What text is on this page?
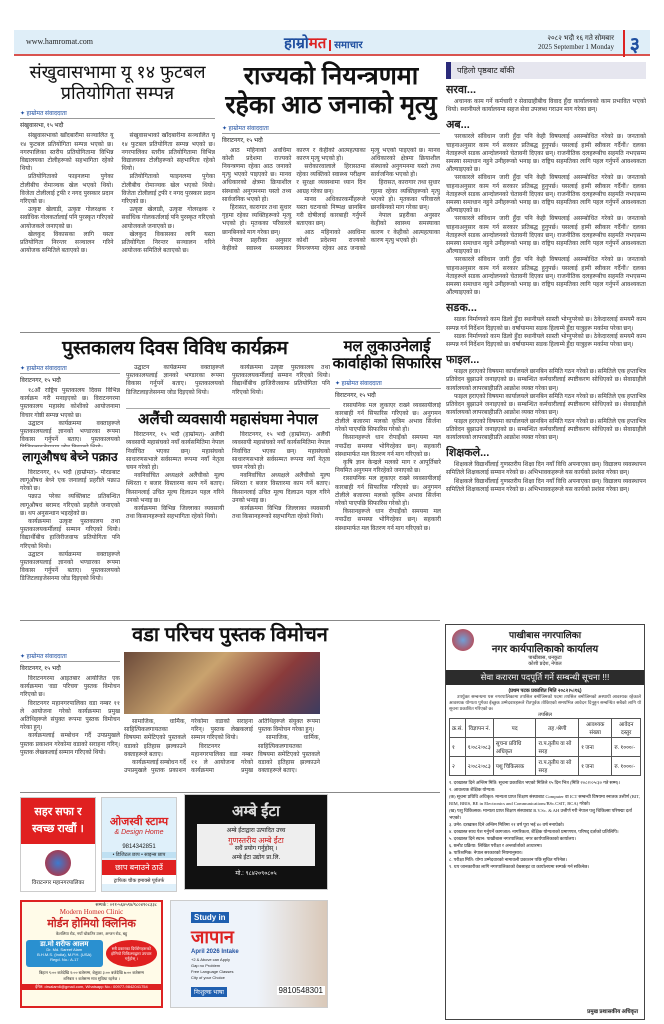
www.hamromat.com	हाम्रोमत समाचार
२०८२ भदौ १६ गते सोमबार
2025 September 1 Monday ३
संखुवासभामा यू १४ फुटबल प्रतियोगिता सम्पन्न
✦ हाम्रोमत संवाददाता
संखुवासभा, १५ भदौ

संखुवासभाको खाँदबारीमा सञ्चालित यू १४ फुटबल प्रतियोगिता सम्पन्न भएको छ। नगरपालिका स्तरीय प्रतियोगितामा विभिन्न विद्यालयका टोलीहरूको सहभागिता रहेको थियो।

प्रतियोगिताको फाइनलमा पुगेका टोलीबीच रोमाञ्चक खेल भएको थियो। विजेता टोलीलाई ट्रफी र नगद पुरस्कार प्रदान गरिएको छ।

उत्कृष्ट खेलाडी, उत्कृष्ट गोलरक्षक र सर्वाधिक गोलकर्तालाई पनि पुरस्कृत गरिएको आयोजकले जनाएको छ।

खेलकुद विकासका लागि यस्ता प्रतियोगिता निरन्तर सञ्चालन गरिने आयोजक समितिले बताएको छ।

संखुवासभाको खाँदबारीमा सञ्चालित यू १४ फुटबल प्रतियोगिता सम्पन्न भएको छ। नगरपालिका स्तरीय प्रतियोगितामा विभिन्न विद्यालयका टोलीहरूको सहभागिता रहेको थियो।

प्रतियोगिताको फाइनलमा पुगेका टोलीबीच रोमाञ्चक खेल भएको थियो। विजेता टोलीलाई ट्रफी र नगद पुरस्कार प्रदान गरिएको छ।

उत्कृष्ट खेलाडी, उत्कृष्ट गोलरक्षक र सर्वाधिक गोलकर्तालाई पनि पुरस्कृत गरिएको आयोजकले जनाएको छ।

खेलकुद विकासका लागि यस्ता प्रतियोगिता निरन्तर सञ्चालन गरिने आयोजक समितिले बताएको छ।

राज्यको नियन्त्रणमा रहेका आठ जनाको मृत्यु
✦ हाम्रोमत संवाददाता
विराटनगर, १५ भदौ

आठ महिनाको अवधिमा कोशी प्रदेशमा राज्यको नियन्त्रणमा रहेका आठ जनाको मृत्यु भएको पाइएको छ। मानव अधिकारको क्षेत्रमा क्रियाशील संस्थाको अनुगमनमा यस्तो तथ्य सार्वजनिक भएको हो।

हिरासत, कारागार तथा सुधार गृहमा रहेका व्यक्तिहरूको मृत्यु भएको हो। मृतकका परिवारले छानबिनको माग गरेका छन्।

नेपाल प्रहरीका अनुसार केहीको स्वास्थ्य समस्याका कारण र केहीको आत्महत्याका कारण मृत्यु भएको हो।

सरोकारवालाले हिरासतमा रहेका व्यक्तिको स्वास्थ्य परीक्षण र सुरक्षा व्यवस्थामा ध्यान दिन आग्रह गरेका छन्।

मानव अधिकारकर्मीहरूले यस्ता घटनाको निष्पक्ष छानबिन गरी दोषीलाई कारबाही गर्नुपर्ने बताएका छन्।

आठ महिनाको अवधिमा कोशी प्रदेशमा राज्यको नियन्त्रणमा रहेका आठ जनाको मृत्यु भएको पाइएको छ। मानव अधिकारको क्षेत्रमा क्रियाशील संस्थाको अनुगमनमा यस्तो तथ्य सार्वजनिक भएको हो।

हिरासत, कारागार तथा सुधार गृहमा रहेका व्यक्तिहरूको मृत्यु भएको हो। मृतकका परिवारले छानबिनको माग गरेका छन्।

नेपाल प्रहरीका अनुसार केहीको स्वास्थ्य समस्याका कारण र केहीको आत्महत्याका कारण मृत्यु भएको हो।

पहिलो पृष्ठबाट बाँकी
सरवा...

अचानक काम गर्ने कर्मचारी र सेवाग्राहीबीच विवाद हुँदा कार्यालयको काम प्रभावित भएको थियो। स्थानीयले कार्यालयमा सहज सेवा उपलब्ध गराउन माग गरेका छन्।

अब...

'सरकारले संविधान जारी हुँदा पनि केही विषयलाई असम्बोधित गरेको छ। जनताको चाहनाअनुसार काम गर्न सरकार प्रतिबद्ध हुनुपर्छ। यसलाई हामी स्वीकार गर्दैनौं।' दलका नेताहरूले सडक आन्दोलनको चेतावनी दिएका छन्। राजनीतिक दलहरूबीच सहमति नभएसम्म समस्या समाधान नहुने उनीहरूको भनाइ छ। राष्ट्रिय सहमतिका लागि पहल गर्नुपर्ने आवश्यकता औंल्याइएको छ।

'सरकारले संविधान जारी हुँदा पनि केही विषयलाई असम्बोधित गरेको छ। जनताको चाहनाअनुसार काम गर्न सरकार प्रतिबद्ध हुनुपर्छ। यसलाई हामी स्वीकार गर्दैनौं।' दलका नेताहरूले सडक आन्दोलनको चेतावनी दिएका छन्। राजनीतिक दलहरूबीच सहमति नभएसम्म समस्या समाधान नहुने उनीहरूको भनाइ छ। राष्ट्रिय सहमतिका लागि पहल गर्नुपर्ने आवश्यकता औंल्याइएको छ।

'सरकारले संविधान जारी हुँदा पनि केही विषयलाई असम्बोधित गरेको छ। जनताको चाहनाअनुसार काम गर्न सरकार प्रतिबद्ध हुनुपर्छ। यसलाई हामी स्वीकार गर्दैनौं।' दलका नेताहरूले सडक आन्दोलनको चेतावनी दिएका छन्। राजनीतिक दलहरूबीच सहमति नभएसम्म समस्या समाधान नहुने उनीहरूको भनाइ छ। राष्ट्रिय सहमतिका लागि पहल गर्नुपर्ने आवश्यकता औंल्याइएको छ।

'सरकारले संविधान जारी हुँदा पनि केही विषयलाई असम्बोधित गरेको छ। जनताको चाहनाअनुसार काम गर्न सरकार प्रतिबद्ध हुनुपर्छ। यसलाई हामी स्वीकार गर्दैनौं।' दलका नेताहरूले सडक आन्दोलनको चेतावनी दिएका छन्। राजनीतिक दलहरूबीच सहमति नभएसम्म समस्या समाधान नहुने उनीहरूको भनाइ छ। राष्ट्रिय सहमतिका लागि पहल गर्नुपर्ने आवश्यकता औंल्याइएको छ।

सडक...

सडक निर्माणको काम ढिलो हुँदा स्थानीयले सास्ती भोग्नुपरेको छ। ठेकेदारलाई समयमै काम सम्पन्न गर्न निर्देशन दिइएको छ। वर्षायाममा सडक हिलाम्मे हुँदा यात्रुहरू मर्कामा परेका छन्।

सडक निर्माणको काम ढिलो हुँदा स्थानीयले सास्ती भोग्नुपरेको छ। ठेकेदारलाई समयमै काम सम्पन्न गर्न निर्देशन दिइएको छ। वर्षायाममा सडक हिलाम्मे हुँदा यात्रुहरू मर्कामा परेका छन्।

फाइल...

फाइल हराएको विषयमा कार्यालयले छानबिन समिति गठन गरेको छ। समितिले एक हप्ताभित्र प्रतिवेदन बुझाउने जनाइएको छ। सम्बन्धित कर्मचारीलाई स्पष्टीकरण सोधिएको छ। सेवाग्राहीले कार्यालयको लापरबाहीप्रति आक्रोश व्यक्त गरेका छन्।

फाइल हराएको विषयमा कार्यालयले छानबिन समिति गठन गरेको छ। समितिले एक हप्ताभित्र प्रतिवेदन बुझाउने जनाइएको छ। सम्बन्धित कर्मचारीलाई स्पष्टीकरण सोधिएको छ। सेवाग्राहीले कार्यालयको लापरबाहीप्रति आक्रोश व्यक्त गरेका छन्।

फाइल हराएको विषयमा कार्यालयले छानबिन समिति गठन गरेको छ। समितिले एक हप्ताभित्र प्रतिवेदन बुझाउने जनाइएको छ। सम्बन्धित कर्मचारीलाई स्पष्टीकरण सोधिएको छ। सेवाग्राहीले कार्यालयको लापरबाहीप्रति आक्रोश व्यक्त गरेका छन्।

शिक्षकले...

शिक्षकले विद्यार्थीलाई गुणस्तरीय शिक्षा दिन नयाँ विधि अपनाएका छन्। विद्यालय व्यवस्थापन समितिले शिक्षकलाई सम्मान गरेको छ। अभिभावकहरूले यस कार्यको प्रशंसा गरेका छन्।

शिक्षकले विद्यार्थीलाई गुणस्तरीय शिक्षा दिन नयाँ विधि अपनाएका छन्। विद्यालय व्यवस्थापन समितिले शिक्षकलाई सम्मान गरेको छ। अभिभावकहरूले यस कार्यको प्रशंसा गरेका छन्।

पुस्तकालय दिवस विविध कार्यक्रम
✦ हाम्रोमत संवाददाता
विराटनगर, १५ भदौ

१८औं राष्ट्रिय पुस्तकालय दिवस विभिन्न कार्यक्रम गरी मनाइएको छ। विराटनगरमा पुस्तकालय महासंघ कोशीको आयोजनामा विचार गोष्ठी सम्पन्न भएको छ।

उद्घाटन कार्यक्रममा वक्ताहरूले पुस्तकालयलाई ज्ञानको भण्डारका रूपमा विकास गर्नुपर्ने बताए। पुस्तकालयको

लागूऔषध बेच्ने पक्राउ

विराटनगर, १५ भदौ (हाम्रोमत)- मोरङबाट लागूऔषध बेच्ने एक जनालाई प्रहरीले पक्राउ गरेको छ।

पक्राउ परेका व्यक्तिबाट प्रतिबन्धित लागूऔषध बरामद गरिएको प्रहरीले जनाएको छ। थप अनुसन्धान भइरहेको छ।

कार्यक्रममा उत्कृष्ट पुस्तकालय तथा पुस्तकालयकर्मीलाई सम्मान गरिएको थियो। विद्यार्थीबीच हाजिरीजवाफ प्रतियोगिता पनि गरिएको थियो।

उद्घाटन कार्यक्रममा वक्ताहरूले पुस्तकालयलाई ज्ञानको भण्डारका रूपमा विकास गर्नुपर्ने बताए। पुस्तकालयको डिजिटलाइजेसनमा जोड दिइएको थियो।

उद्घाटन कार्यक्रममा वक्ताहरूले पुस्तकालयलाई ज्ञानको भण्डारका रूपमा विकास गर्नुपर्ने बताए। पुस्तकालयको डिजिटलाइजेसनमा जोड दिइएको थियो।

कार्यक्रममा उत्कृष्ट पुस्तकालय तथा पुस्तकालयकर्मीलाई सम्मान गरिएको थियो। विद्यार्थीबीच हाजिरीजवाफ प्रतियोगिता पनि गरिएको थियो।

अलैंची व्यवसायी महासंघमा नेपाल

विराटनगर, १५ भदौ (हाम्रोमत)- अलैंची व्यवसायी महासंघको नयाँ कार्यसमितिमा नेपाल निर्वाचित भएका छन्। महासंघको साधारणसभाले सर्वसम्मत रूपमा नयाँ नेतृत्व चयन गरेको हो।

नवनिर्वाचित अध्यक्षले अलैंचीको मूल्य स्थिरता र बजार विस्तारमा काम गर्ने बताए। किसानलाई उचित मूल्य दिलाउन पहल गरिने उनको भनाइ छ।

कार्यक्रममा विभिन्न जिल्लाका व्यवसायी तथा किसानहरूको सहभागिता रहेको थियो।

विराटनगर, १५ भदौ (हाम्रोमत)- अलैंची व्यवसायी महासंघको नयाँ कार्यसमितिमा नेपाल निर्वाचित भएका छन्। महासंघको साधारणसभाले सर्वसम्मत रूपमा नयाँ नेतृत्व चयन गरेको हो।

नवनिर्वाचित अध्यक्षले अलैंचीको मूल्य स्थिरता र बजार विस्तारमा काम गर्ने बताए। किसानलाई उचित मूल्य दिलाउन पहल गरिने उनको भनाइ छ।

कार्यक्रममा विभिन्न जिल्लाका व्यवसायी तथा किसानहरूको सहभागिता रहेको थियो।

मल लुकाउनेलाई कार्वाहीको सिफारिस
✦ हाम्रोमत संवाददाता
विराटनगर, १५ भदौ

रासायनिक मल लुकाएर राख्ने व्यवसायीलाई कारबाही गर्न सिफारिस गरिएको छ। अनुगमन टोलीले बजारमा मलको कृत्रिम अभाव सिर्जना गरेको पाएपछि सिफारिस गरेको हो।

किसानहरूले धान रोपाइँको समयमा मल नपाउँदा समस्या भोगिरहेका छन्। सहकारी संस्थामार्फत मल वितरण गर्न माग गरिएको छ।

कृषि ज्ञान केन्द्रले मलको माग र आपूर्तिबारे नियमित अनुगमन गरिरहेको जनाएको छ।

रासायनिक मल लुकाएर राख्ने व्यवसायीलाई कारबाही गर्न सिफारिस गरिएको छ। अनुगमन टोलीले बजारमा मलको कृत्रिम अभाव सिर्जना गरेको पाएपछि सिफारिस गरेको हो।

किसानहरूले धान रोपाइँको समयमा मल नपाउँदा समस्या भोगिरहेका छन्। सहकारी संस्थामार्फत मल वितरण गर्न माग गरिएको छ।

वडा परिचय पुस्तक विमोचन
✦ हाम्रोमत संवाददाता
विराटनगर, १५ भदौ

विराटनगरमा आइतबार आयोजित एक कार्यक्रममा 'वडा परिचय' पुस्तक विमोचन गरिएको छ।

विराटनगर महानगरपालिका वडा नम्बर ११ ले आयोजना गरेको कार्यक्रममा प्रमुख अतिथिहरूले संयुक्त रूपमा पुस्तक विमोचन गरेका हुन्।

कार्यक्रमलाई सम्बोधन गर्दै उपप्रमुखले पुस्तक प्रकाशन गरेकोमा वडाको सराहना गरिन्। पुस्तक लेखकलाई सम्मान गरिएको थियो।

सामाजिक, धार्मिक, साहित्यिकलगायतका विषयमा समेटिएको पुस्तकले वडाको इतिहास झल्काउने वक्ताहरूले बताए।

कार्यक्रमलाई सम्बोधन गर्दै उपप्रमुखले पुस्तक प्रकाशन गरेकोमा वडाको सराहना गरिन्। पुस्तक लेखकलाई सम्मान गरिएको थियो।

विराटनगर महानगरपालिका वडा नम्बर ११ ले आयोजना गरेको कार्यक्रममा प्रमुख अतिथिहरूले संयुक्त रूपमा पुस्तक विमोचन गरेका हुन्।

सामाजिक, धार्मिक, साहित्यिकलगायतका विषयमा समेटिएको पुस्तकले वडाको इतिहास झल्काउने वक्ताहरूले बताए।

सहर सफा र
स्वच्छ राखौं ।
विराटनगर महानगरपालिका
ओजस्वी स्टाम्प
& Design Home
9814342851
• डिजिटल छाप • साइन्स छाप
छाप बनाउने ठाउँ
ट्राफिक चौक इमाक्से पूर्वतर्फ
अम्बे ईंटा
अम्बे ईंटाद्वारा उत्पादित उच्च
गुणस्तरीय अम्बे ईंटा
सधैं प्रयोग गर्नुहोस् ।
अम्बे ईंटा उद्योग प्रा.लि.
मो.: ९८४२०९०८०५
सम्पर्क : ०२१-५६४५९४/९८०४९०८३३८
Modern Homeo Clinic
मोर्डन होमियो क्लिनिक
केशलिया रोड, नयाँ चोकतिर उत्तर, अन्जन रोड, बहु
डा.मो शरीफ आलम
Dr. Md. Sareef Alam
B.H.M.S. (India), M.P.H. (USA)
Regd. No.: A-17
सबै प्रकारका दिर्घरोगहरूको होमियो चिकित्साद्वारा उपचार गर्नुहोस् ।
बिहान ९:०० बजेदेखि १:०० बजेसम्म, बेलुका ३:०० बजेदेखि ७:०० बजेसम्म
शनिबार २ बजेसम्म मात्र सुविधा रहनेछ ।
ईमेल: drsalam6@gmail.com, Whatsapp No.: 00977-9842041754
Study in
जापान
April 2026 Intake
+2 & Above can Apply
Gap no Problem
Free Language Classes
City of your Choice
निःशुल्क भाषा	9810548301
पाखीबास नगरपालिका
नगर कार्यपालिकाको कार्यालय
पाखीबास, धनकुटा
कोशी प्रदेश, नेपाल
सेवा करारमा पदपूर्ति गर्ने सम्बन्धी सूचना !!!
(प्रथम पटक प्रकाशित मिति २०८२।५।१६)

उपर्युक्त सम्बन्धमा यस नगरपालिकामा तपसिल बमोजिमको पदमा तपसिल बमोजिमको अस्थायी आवश्यक रहेकाले आवश्यक योग्यता पुगेका ईच्छुक उम्मेदवारहरूले रीतपूर्वक तोकिएको समयभित्र आवेदन दिनुहुन सम्बन्धित सबैको लागि यो सूचना प्रकाशित गरिएको छ।

तपसिल
क्र.सं.	विज्ञापन नं.	पद	तह /श्रेणी	आवश्यक संख्या	आवेदन दस्तुर
१	१/०८२/०८३	सूचना प्रविधि अधिकृत	रा.प.तृतीय वा सो सरह	१ जना	रु. १०००/-
२	२/०८२/०८३	पशु चिकित्सक	रा.प.तृतीय वा सो सरह	१ जना	रु. १०००/-
१. दरखास्त दिने अन्तिम मिति: सूचना प्रकाशित भएको मितिले १५ दिन भित्र (मिति २०८२/०५/३० गते सम्म)।
२. आवश्यक शैक्षिक योग्यता:
(क) सूचना प्रविधि अधिकृत: मान्यता प्राप्त शिक्षण संस्थाबाट Computer वा ICT सम्बन्धी विषयमा स्नातक उत्तीर्ण (BIT, BIM, BBIS, BE in Electronics and Communications/BSc.CSIT, BCA) गरेको।
(ख) पशु चिकित्सक: मान्यता प्राप्त शिक्षण संस्थाबाट B.V.Sc. & AH उत्तीर्ण गरी नेपाल पशु चिकित्सा परिषद्मा दर्ता भएको।
३. उमेर: दरखास्त दिने अन्तिम मितिमा २१ वर्ष पूरा भई ४० वर्ष ननाघेको।
४. दरखास्त साथ पेश गर्नुपर्ने कागजात: नागरिकता, शैक्षिक योग्यताको प्रमाणपत्र, परिषद् दर्ताको प्रतिलिपि।
५. दरखास्त दिने स्थान: पाखीबास नगरपालिका, नगर कार्यपालिकाको कार्यालय।
६. छनौट प्रक्रिया: लिखित परीक्षा र अन्तर्वार्ताको आधारमा।
७. पारिश्रमिक: नेपाल सरकारको नियमानुसार।
८. परीक्षा मिति: योग्य उम्मेदवारको नामावली प्रकाशन पछि सूचित गरिनेछ।
९. थप जानकारीका लागि नगरपालिकाको वेबसाइट वा कार्यालयमा सम्पर्क गर्न सकिनेछ।
प्रमुख प्रशासकीय अधिकृत
